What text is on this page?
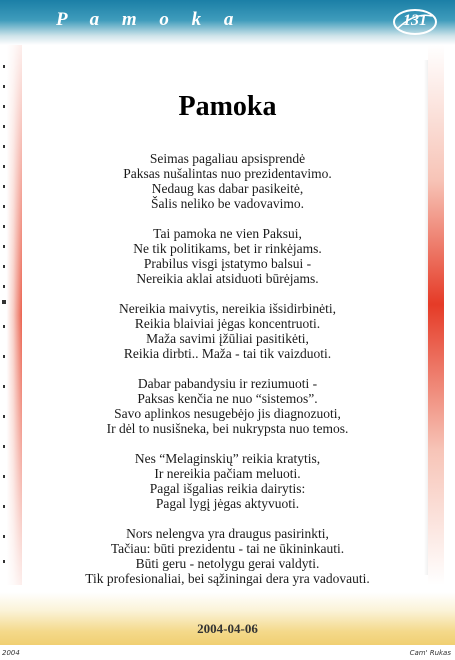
P a m o k a	131
Pamoka
Seimas pagaliau apsisprendė
Paksas nušalintas nuo prezidentavimo.
Nedaug kas dabar pasikeitė,
Šalis neliko be vadovavimo.
Tai pamoka ne vien Paksui,
Ne tik politikams, bet ir rinkėjams.
Prabilus visgi įstatymo balsui -
Nereikia aklai atsiduoti būrėjams.
Nereikia maivytis, nereikia išsidirbinėti,
Reikia blaiviai jėgas koncentruoti.
Maža savimi įžūliai pasitikėti,
Reikia dirbti.. Maža - tai tik vaizduoti.
Dabar pabandysiu ir reziumuoti -
Paksas kenčia ne nuo “sistemos”.
Savo aplinkos nesugebėjo jis diagnozuoti,
Ir dėl to nusišneka, bei nukrypsta nuo temos.
Nes “Melaginskių” reikia kratytis,
Ir nereikia pačiam meluoti.
Pagal išgalias reikia dairytis:
Pagal lygį jėgas aktyvuoti.
Nors nelengva yra draugus pasirinkti,
Tačiau: būti prezidentu - tai ne ūkininkauti.
Būti geru - netolygu gerai valdyti.
Tik profesionaliai, bei sąžiningai dera yra vadovauti.
2004-04-06
2004	Cam' Rukas
